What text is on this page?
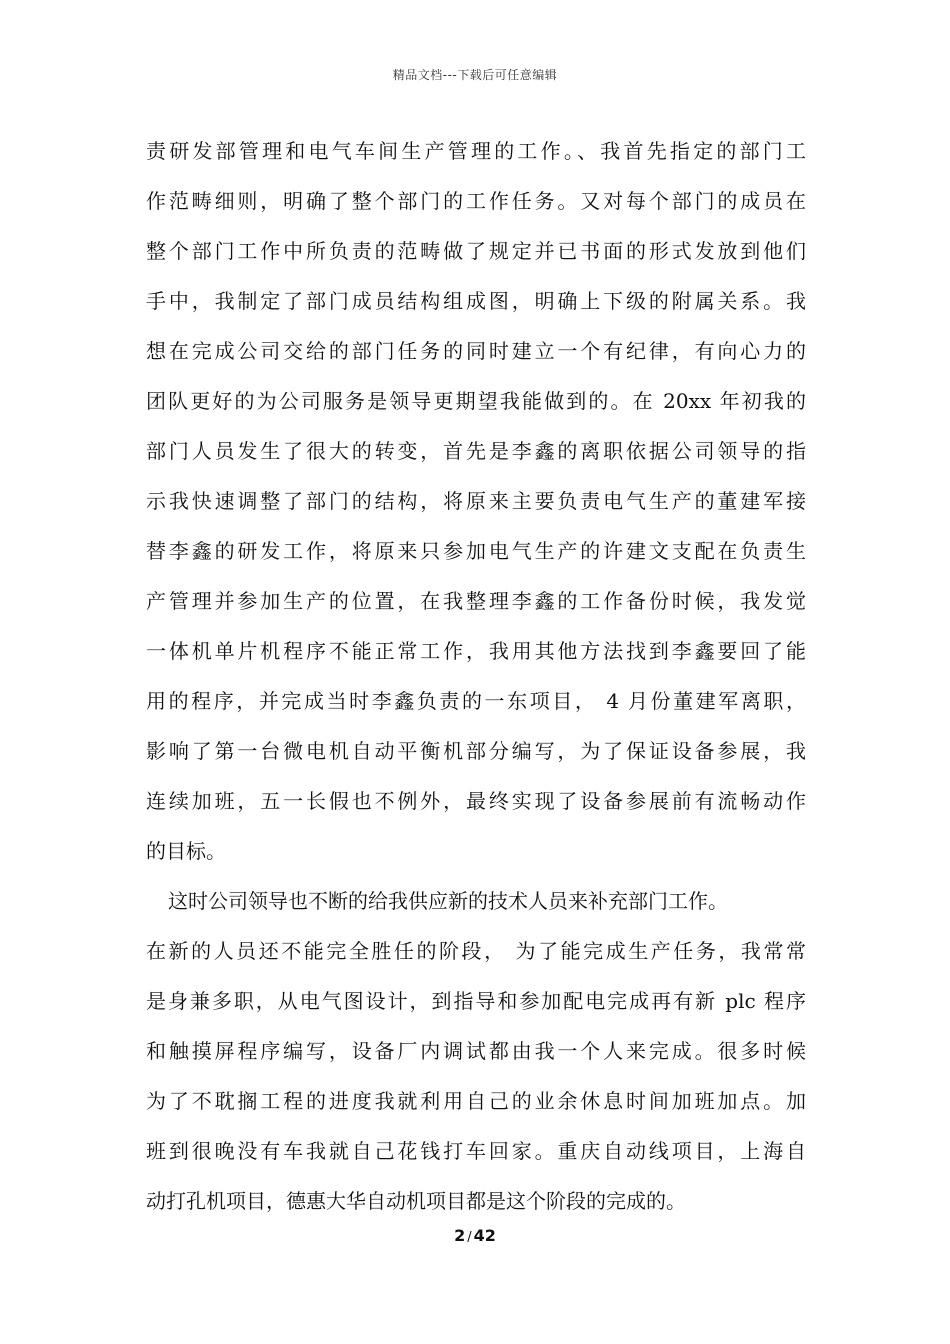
精品文档---下载后可任意编辑
责研发部管理和电气车间生产管理的工作。、我首先指定的部门工
作范畴细则，明确了整个部门的工作任务。又对每个部门的成员在
整个部门工作中所负责的范畴做了规定并已书面的形式发放到他们
手中，我制定了部门成员结构组成图，明确上下级的附属关系。我
想在完成公司交给的部门任务的同时建立一个有纪律，有向心力的
团队更好的为公司服务是领导更期望我能做到的。在 20xx 年初我的
部门人员发生了很大的转变，首先是李鑫的离职依据公司领导的指
示我快速调整了部门的结构，将原来主要负责电气生产的董建军接
替李鑫的研发工作，将原来只参加电气生产的许建文支配在负责生
产管理并参加生产的位置，在我整理李鑫的工作备份时候，我发觉
一体机单片机程序不能正常工作，我用其他方法找到李鑫要回了能
用的程序，并完成当时李鑫负责的一东项目， 4 月份董建军离职，
影响了第一台微电机自动平衡机部分编写，为了保证设备参展，我
连续加班，五一长假也不例外，最终实现了设备参展前有流畅动作
的目标。
这时公司领导也不断的给我供应新的技术人员来补充部门工作。
在新的人员还不能完全胜任的阶段， 为了能完成生产任务，我常常
是身兼多职，从电气图设计，到指导和参加配电完成再有新 plc 程序
和触摸屏程序编写，设备厂内调试都由我一个人来完成。很多时候
为了不耽搁工程的进度我就利用自己的业余休息时间加班加点。加
班到很晚没有车我就自己花钱打车回家。重庆自动线项目，上海自
动打孔机项目，德惠大华自动机项目都是这个阶段的完成的。
2 / 42
